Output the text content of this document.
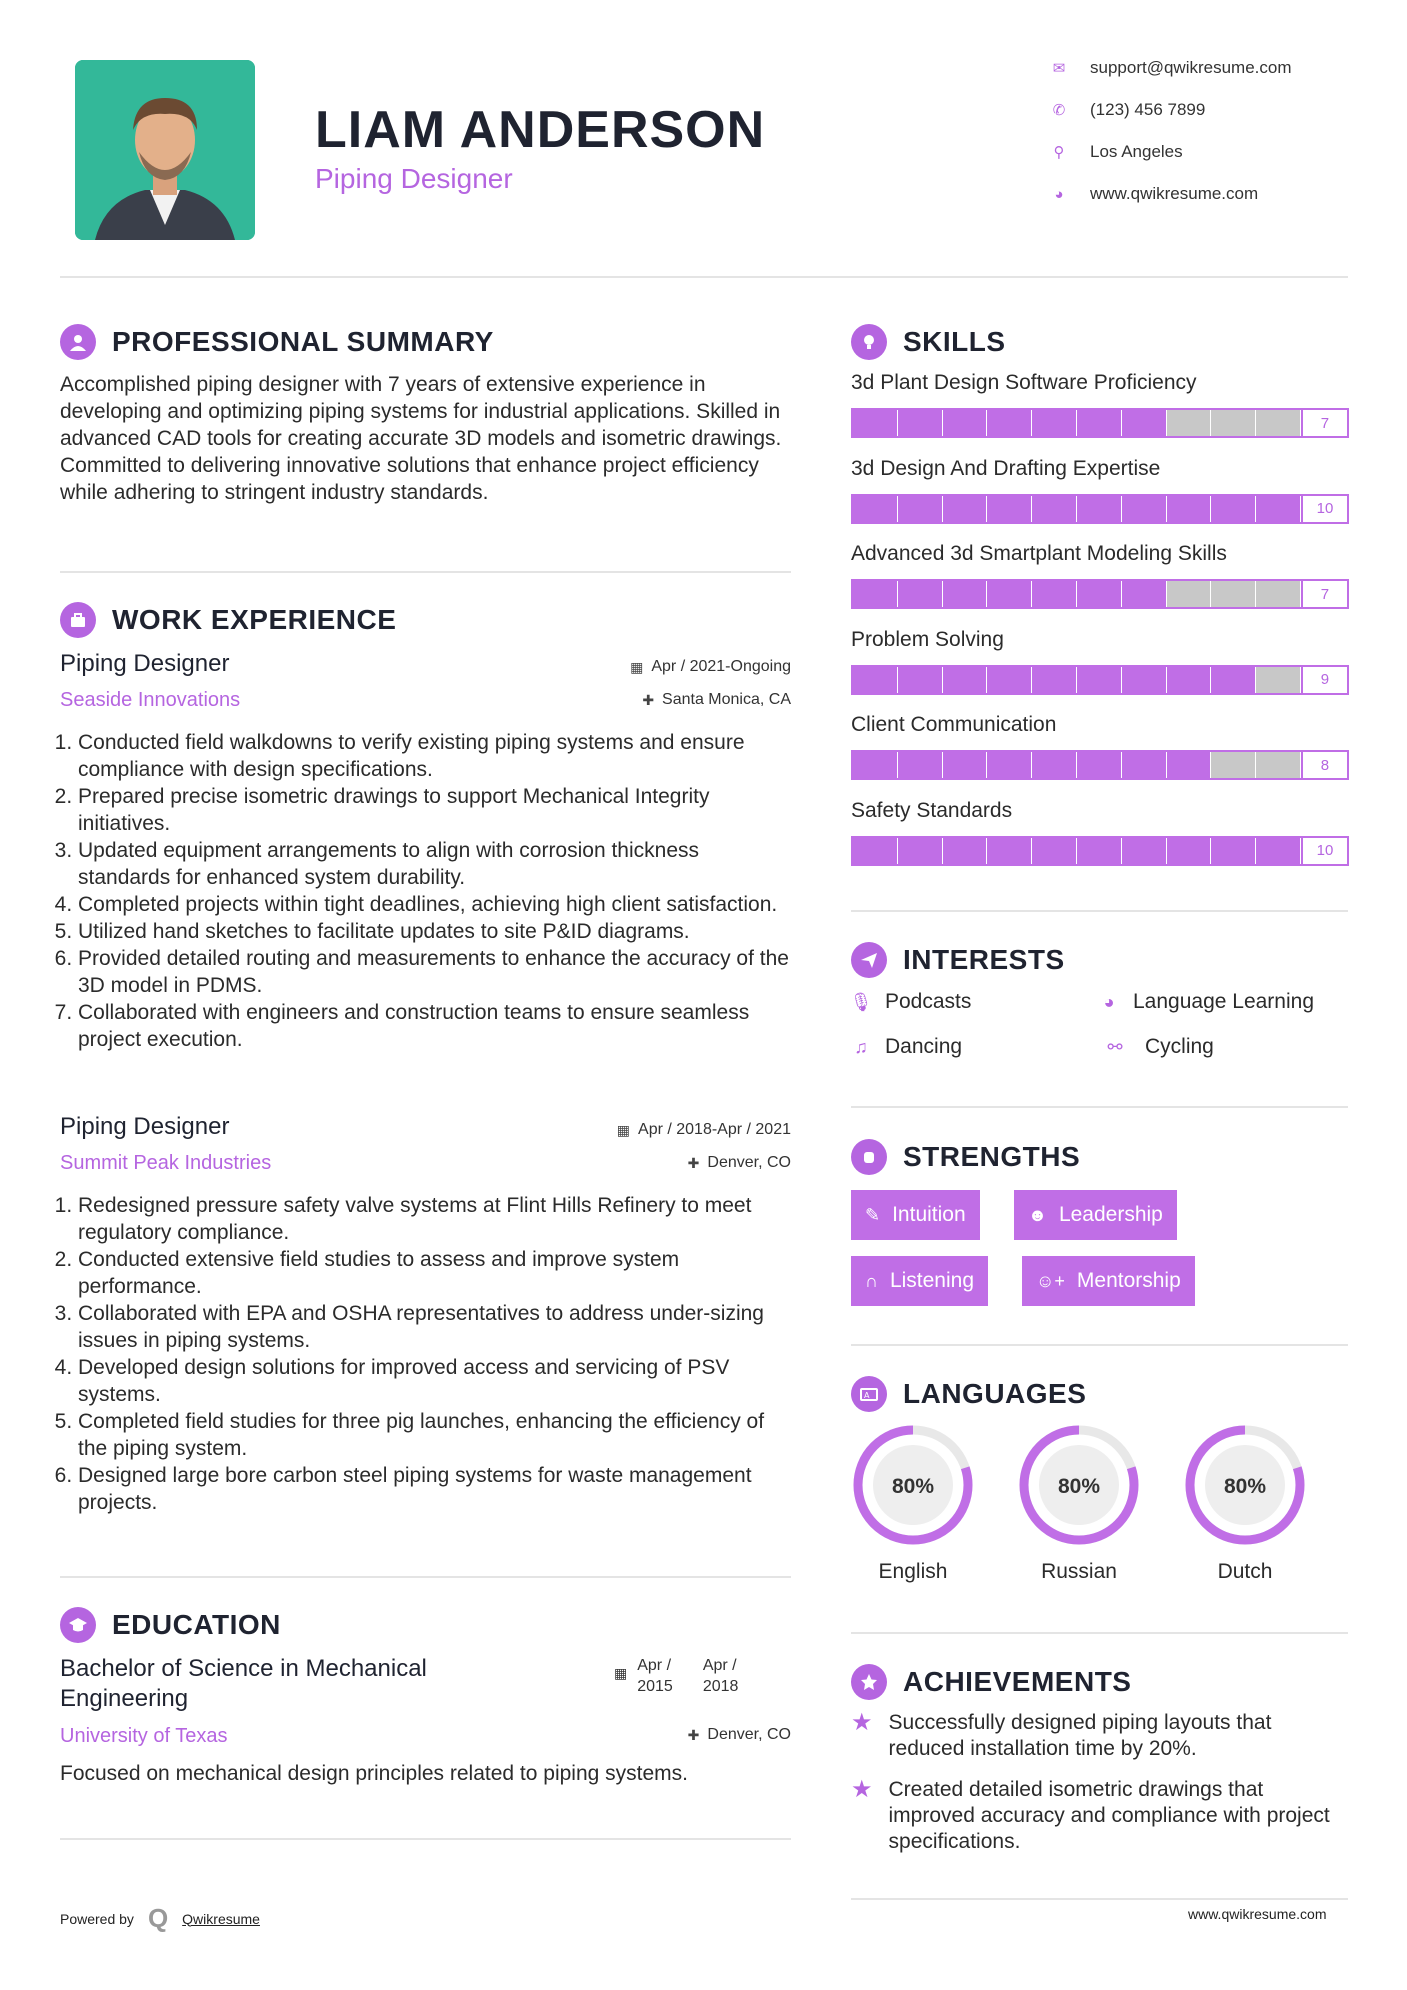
LIAM ANDERSON
Piping Designer
✉ support@qwikresume.com
✆ (123) 456 7899
⚲ Los Angeles
◕ www.qwikresume.com
PROFESSIONAL SUMMARY
Accomplished piping designer with 7 years of extensive experience in developing and optimizing piping systems for industrial applications. Skilled in advanced CAD tools for creating accurate 3D models and isometric drawings. Committed to delivering innovative solutions that enhance project efficiency while adhering to stringent industry standards.
WORK EXPERIENCE
Piping Designer
Seaside Innovations
▦ Apr / 2021-Ongoing
✚ Santa Monica, CA
1. Conducted field walkdowns to verify existing piping systems and ensure compliance with design specifications.
2. Prepared precise isometric drawings to support Mechanical Integrity initiatives.
3. Updated equipment arrangements to align with corrosion thickness standards for enhanced system durability.
4. Completed projects within tight deadlines, achieving high client satisfaction.
5. Utilized hand sketches to facilitate updates to site P&ID diagrams.
6. Provided detailed routing and measurements to enhance the accuracy of the 3D model in PDMS.
7. Collaborated with engineers and construction teams to ensure seamless project execution.
Piping Designer
Summit Peak Industries
▦ Apr / 2018-Apr / 2021
✚ Denver, CO
1. Redesigned pressure safety valve systems at Flint Hills Refinery to meet regulatory compliance.
2. Conducted extensive field studies to assess and improve system performance.
3. Collaborated with EPA and OSHA representatives to address under-sizing issues in piping systems.
4. Developed design solutions for improved access and servicing of PSV systems.
5. Completed field studies for three pig launches, enhancing the efficiency of the piping system.
6. Designed large bore carbon steel piping systems for waste management projects.
EDUCATION
Bachelor of Science in Mechanical
Engineering
▦ Apr /
2015
Apr /
2018
University of Texas	✚ Denver, CO
Focused on mechanical design principles related to piping systems.
SKILLS
3d Plant Design Software Proficiency
7
3d Design And Drafting Expertise
10
Advanced 3d Smartplant Modeling Skills
7
Problem Solving
9
Client Communication
8
Safety Standards
10
INTERESTS
🎙︎ Podcasts	◕ Language Learning
♫ Dancing	⚯	Cycling
STRENGTHS
✎ Intuition	☻ Leadership
∩ Listening	☺+ Mentorship
A LANGUAGES
80%
English
80%
Russian
80%
Dutch
ACHIEVEMENTS
★ Successfully designed piping layouts that reduced installation time by 20%.
★ Created detailed isometric drawings that improved accuracy and compliance with project specifications.
Powered by Q Qwikresume	www.qwikresume.com
